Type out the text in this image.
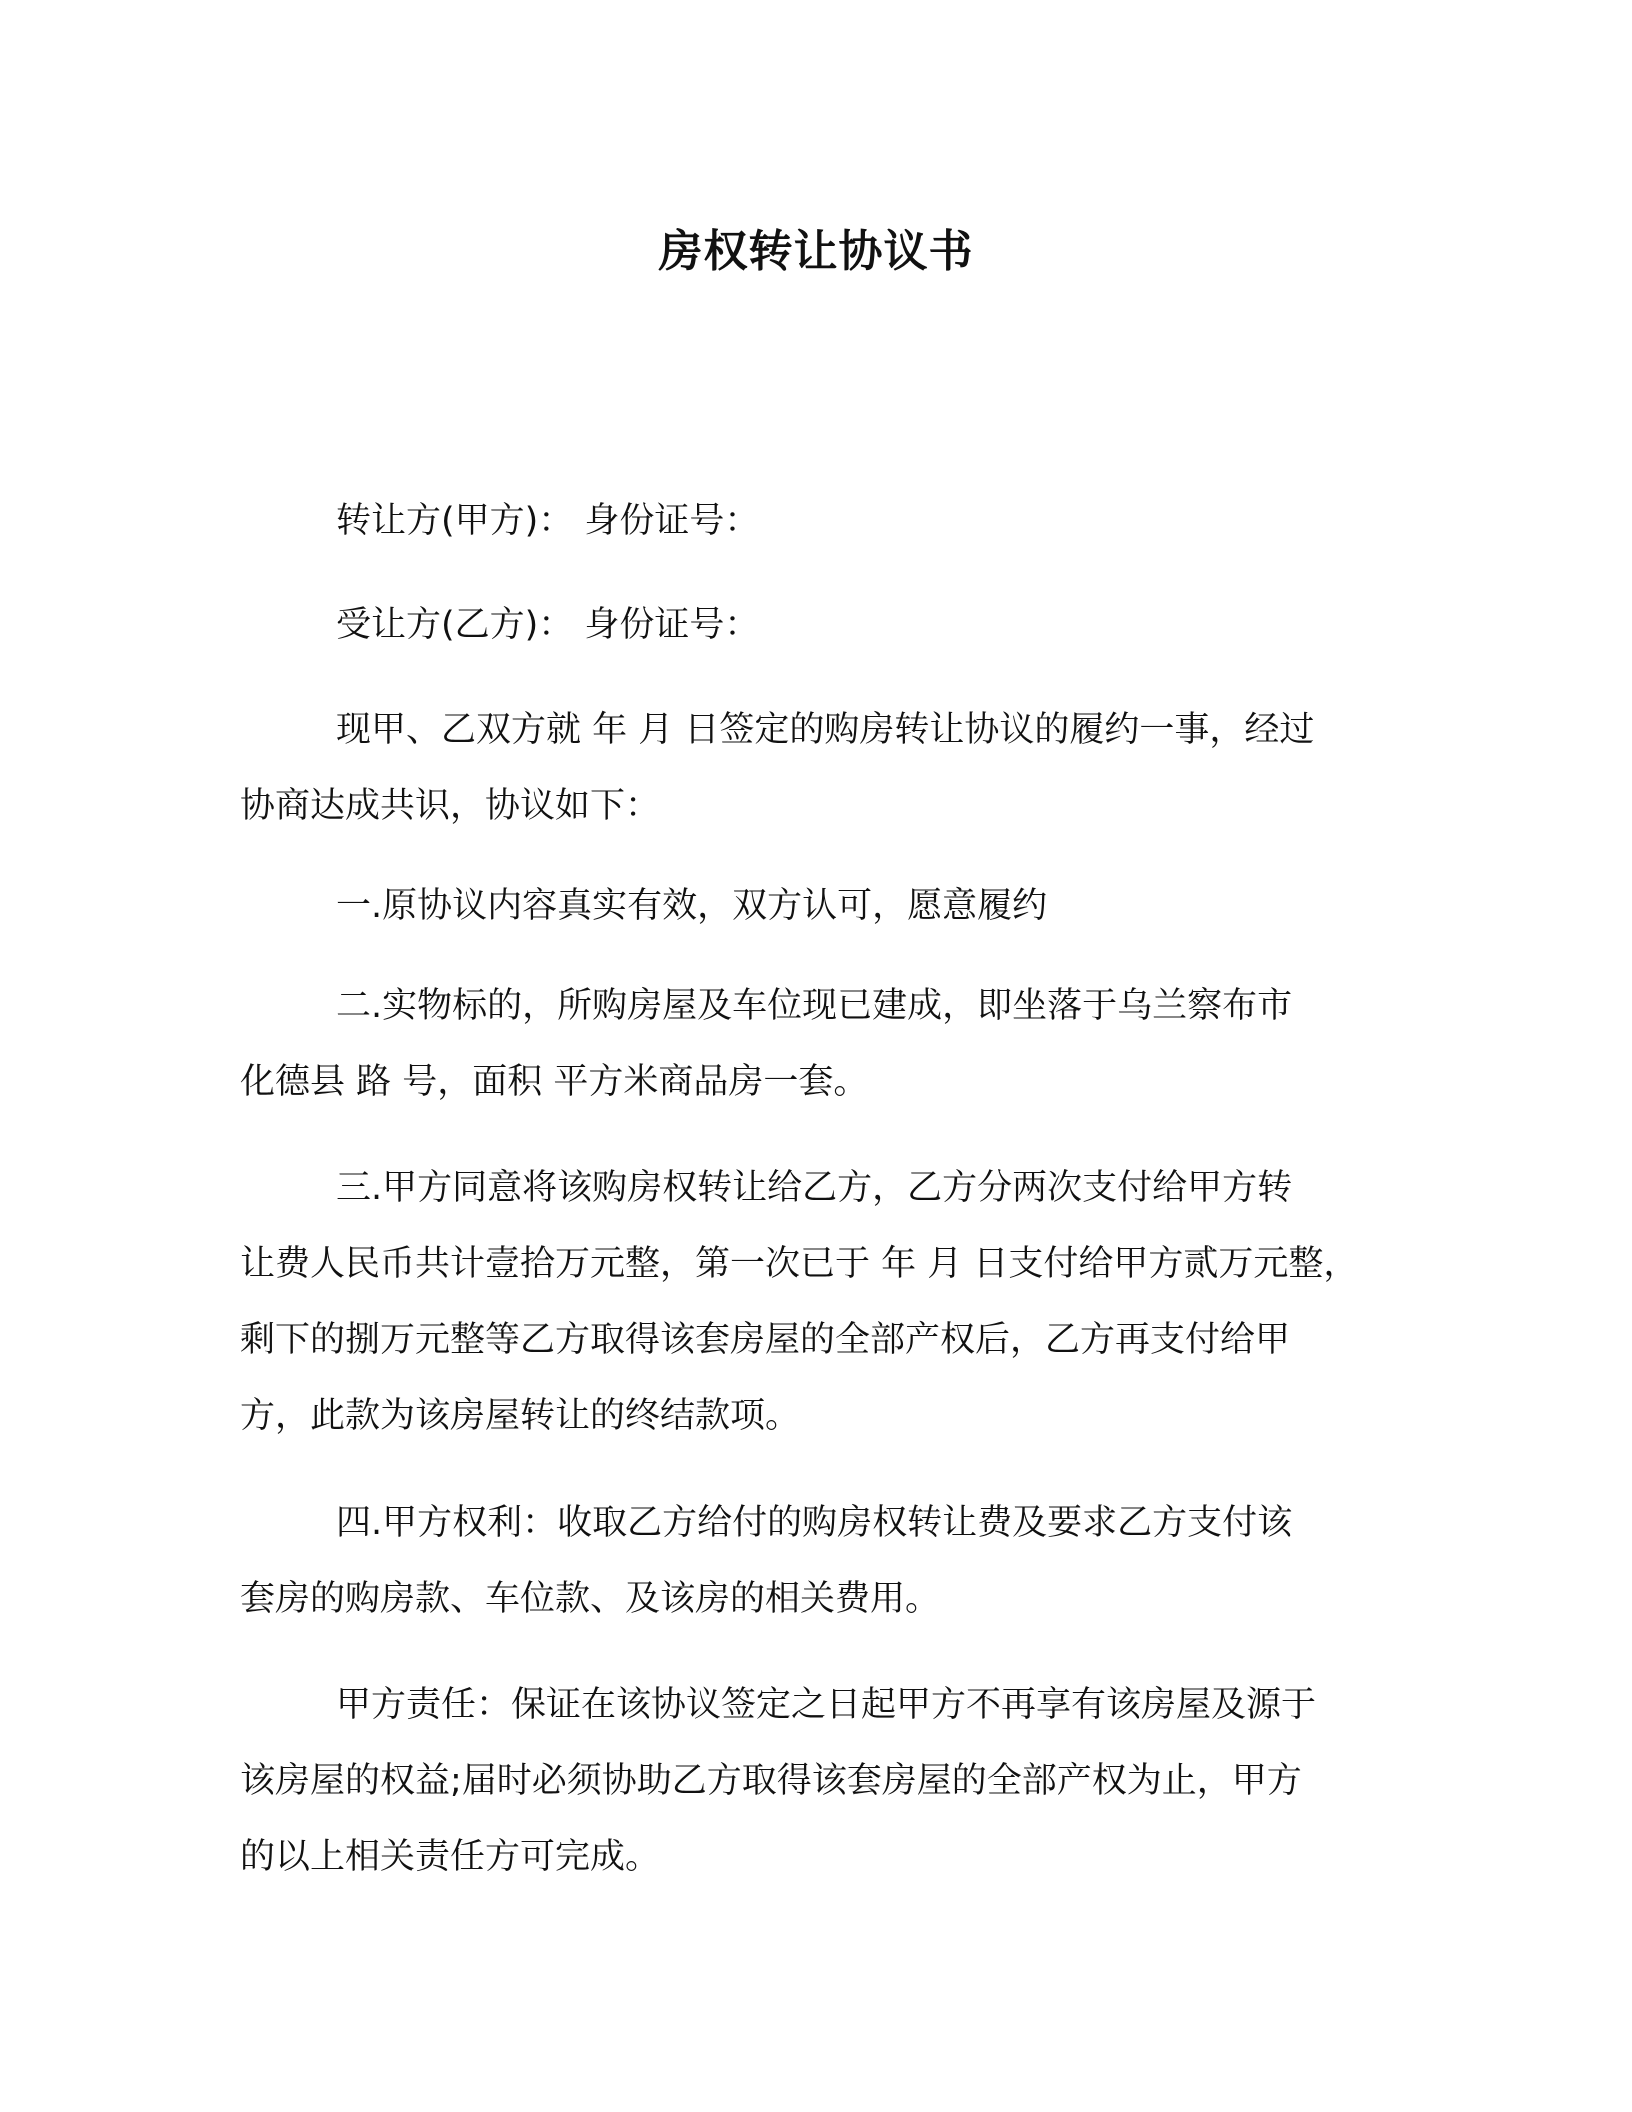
房权转让协议书

转让方(甲方)： 身份证号：

受让方(乙方)： 身份证号：

现甲、乙双方就 年 月 日签定的购房转让协议的履约一事，经过
协商达成共识，协议如下：

一.原协议内容真实有效，双方认可，愿意履约

二.实物标的，所购房屋及车位现已建成，即坐落于乌兰察布市
化德县 路 号，面积 平方米商品房一套。

三.甲方同意将该购房权转让给乙方，乙方分两次支付给甲方转
让费人民币共计壹拾万元整，第一次已于 年 月 日支付给甲方贰万元整，
剩下的捌万元整等乙方取得该套房屋的全部产权后，乙方再支付给甲
方，此款为该房屋转让的终结款项。

四.甲方权利：收取乙方给付的购房权转让费及要求乙方支付该
套房的购房款、车位款、及该房的相关费用。

甲方责任：保证在该协议签定之日起甲方不再享有该房屋及源于
该房屋的权益;届时必须协助乙方取得该套房屋的全部产权为止，甲方
的以上相关责任方可完成。
